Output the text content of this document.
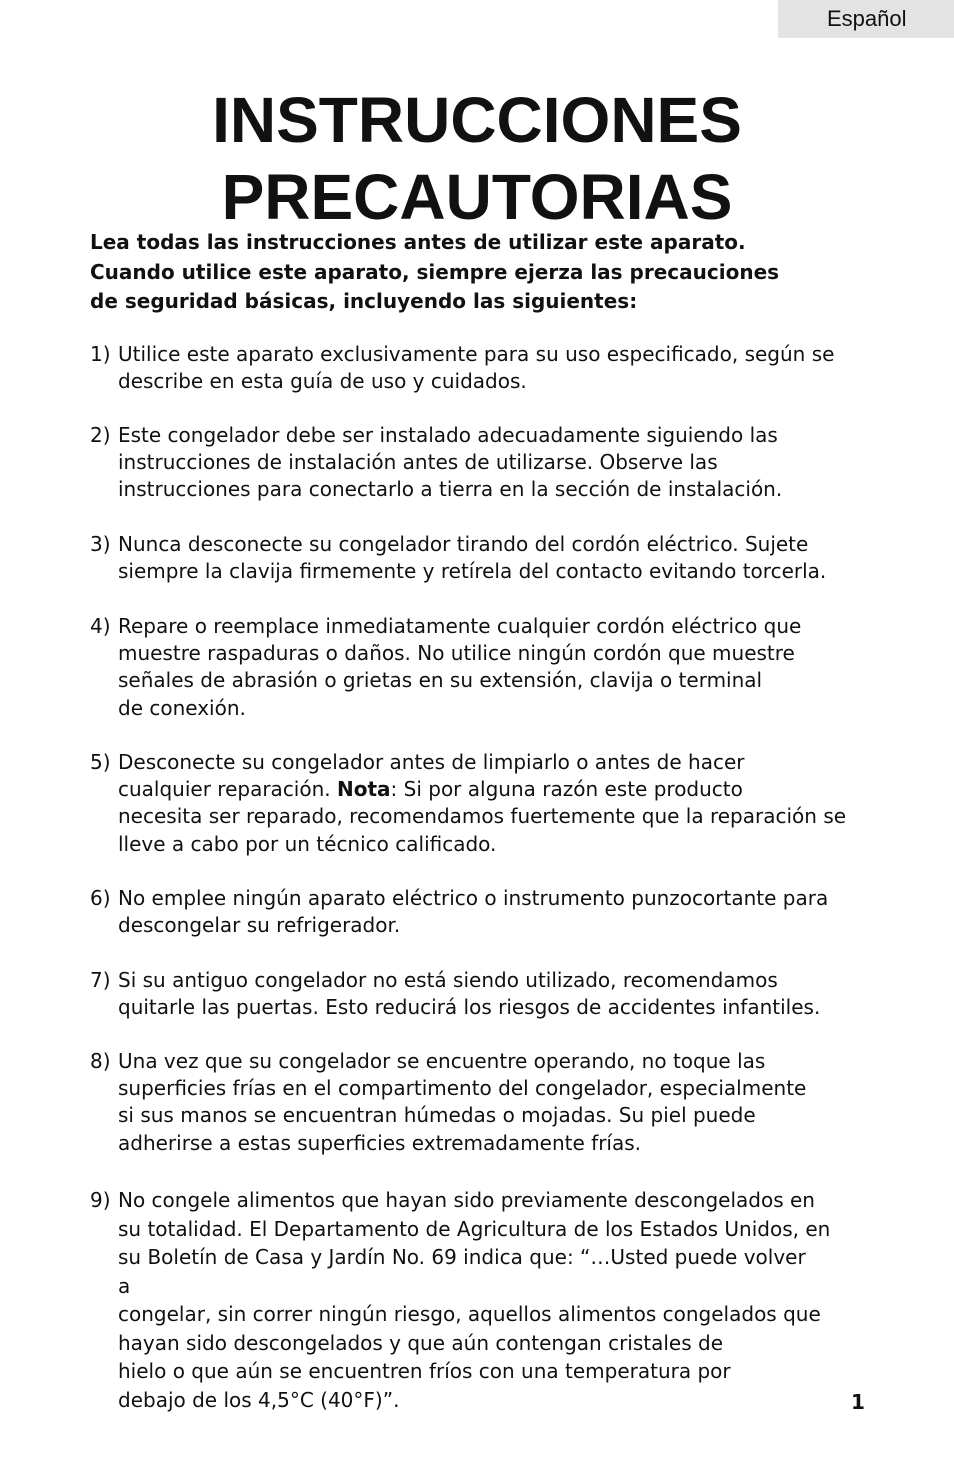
Español
INSTRUCCIONES
PRECAUTORIAS
Lea todas las instrucciones antes de utilizar este aparato.
Cuando utilice este aparato, siempre ejerza las precauciones
de seguridad básicas, incluyendo las siguientes:
1) Utilice este aparato exclusivamente para su uso especificado, según se
describe en esta guía de uso y cuidados.
2) Este congelador debe ser instalado adecuadamente siguiendo las
instrucciones de instalación antes de utilizarse. Observe las
instrucciones para conectarlo a tierra en la sección de instalación.
3) Nunca desconecte su congelador tirando del cordón eléctrico. Sujete
siempre la clavija firmemente y retírela del contacto evitando torcerla.
4) Repare o reemplace inmediatamente cualquier cordón eléctrico que
muestre raspaduras o daños. No utilice ningún cordón que muestre
señales de abrasión o grietas en su extensión, clavija o terminal
de conexión.
5) Desconecte su congelador antes de limpiarlo o antes de hacer
cualquier reparación. Nota: Si por alguna razón este producto
necesita ser reparado, recomendamos fuertemente que la reparación se
lleve a cabo por un técnico calificado.
6) No emplee ningún aparato eléctrico o instrumento punzocortante para
descongelar su refrigerador.
7) Si su antiguo congelador no está siendo utilizado, recomendamos
quitarle las puertas. Esto reducirá los riesgos de accidentes infantiles.
8) Una vez que su congelador se encuentre operando, no toque las
superficies frías en el compartimento del congelador, especialmente
si sus manos se encuentran húmedas o mojadas. Su piel puede
adherirse a estas superficies extremadamente frías.
9) No congele alimentos que hayan sido previamente descongelados en
su totalidad. El Departamento de Agricultura de los Estados Unidos, en
su Boletín de Casa y Jardín No. 69 indica que: “…Usted puede volver
a
congelar, sin correr ningún riesgo, aquellos alimentos congelados que
hayan sido descongelados y que aún contengan cristales de
hielo o que aún se encuentren fríos con una temperatura por
debajo de los 4,5°C (40°F)”.	1
